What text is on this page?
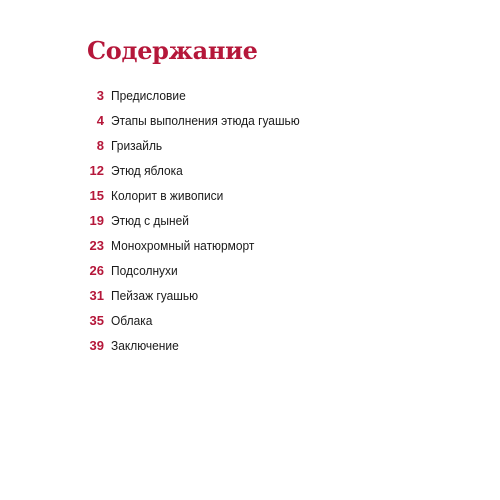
Содержание
3 Предисловие
4 Этапы выполнения этюда гуашью
8 Гризайль
12 Этюд яблока
15 Колорит в живописи
19 Этюд с дыней
23 Монохромный натюрморт
26 Подсолнухи
31 Пейзаж гуашью
35 Облака
39 Заключение
